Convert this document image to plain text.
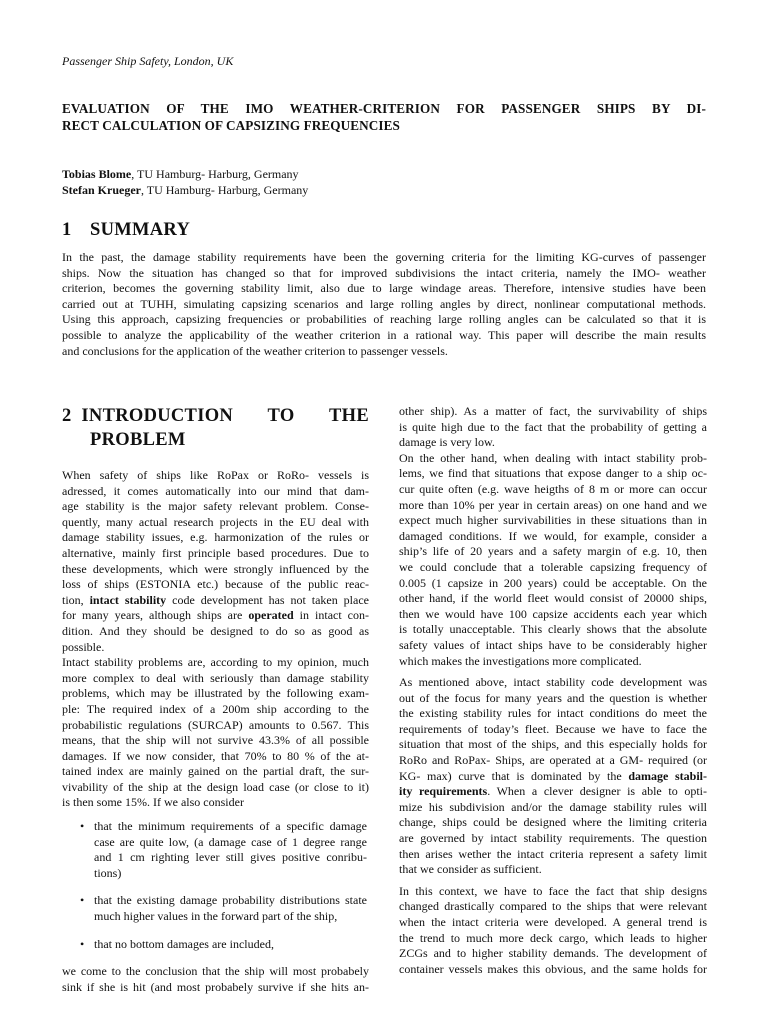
Passenger Ship Safety, London, UK
EVALUATION OF THE IMO WEATHER-CRITERION FOR PASSENGER SHIPS BY DI-
RECT CALCULATION OF CAPSIZING FREQUENCIES
Tobias Blome, TU Hamburg- Harburg, Germany
Stefan Krueger, TU Hamburg- Harburg, Germany
1 SUMMARY
In the past, the damage stability requirements have been the governing criteria for the limiting KG-curves of passenger
ships. Now the situation has changed so that for improved subdivisions the intact criteria, namely the IMO- weather
criterion, becomes the governing stability limit, also due to large windage areas. Therefore, intensive studies have been
carried out at TUHH, simulating capsizing scenarios and large rolling angles by direct, nonlinear computational methods.
Using this approach, capsizing frequencies or probabilities of reaching large rolling angles can be calculated so that it is
possible to analyze the applicability of the weather criterion in a rational way. This paper will describe the main results
and conclusions for the application of the weather criterion to passenger vessels.
2 INTRODUCTION TO THE
PROBLEM
When safety of ships like RoPax or RoRo- vessels is
adressed, it comes automatically into our mind that dam-
age stability is the major safety relevant problem. Conse-
quently, many actual research projects in the EU deal with
damage stability issues, e.g. harmonization of the rules or
alternative, mainly first principle based procedures. Due to
these developments, which were strongly influenced by the
loss of ships (ESTONIA etc.) because of the public reac-
tion, intact stability code development has not taken place
for many years, although ships are operated in intact con-
dition. And they should be designed to do so as good as
possible.
Intact stability problems are, according to my opinion, much
more complex to deal with seriously than damage stability
problems, which may be illustrated by the following exam-
ple: The required index of a 200m ship according to the
probabilistic regulations (SURCAP) amounts to 0.567. This
means, that the ship will not survive 43.3% of all possible
damages. If we now consider, that 70% to 80 % of the at-
tained index are mainly gained on the partial draft, the sur-
vivability of the ship at the design load case (or close to it)
is then some 15%. If we also consider
• that the minimum requirements of a specific damage
case are quite low, (a damage case of 1 degree range
and 1 cm righting lever still gives positive conribu-
tions)
• that the existing damage probability distributions state
much higher values in the forward part of the ship,
• that no bottom damages are included,
we come to the conclusion that the ship will most probabely
sink if she is hit (and most probabely survive if she hits an-
other ship). As a matter of fact, the survivability of ships
is quite high due to the fact that the probability of getting a
damage is very low.
On the other hand, when dealing with intact stability prob-
lems, we find that situations that expose danger to a ship oc-
cur quite often (e.g. wave heigths of 8 m or more can occur
more than 10% per year in certain areas) on one hand and we
expect much higher survivabilities in these situations than in
damaged conditions. If we would, for example, consider a
ship’s life of 20 years and a safety margin of e.g. 10, then
we could conclude that a tolerable capsizing frequency of
0.005 (1 capsize in 200 years) could be acceptable. On the
other hand, if the world fleet would consist of 20000 ships,
then we would have 100 capsize accidents each year which
is totally unacceptable. This clearly shows that the absolute
safety values of intact ships have to be considerably higher
which makes the investigations more complicated.
As mentioned above, intact stability code development was
out of the focus for many years and the question is whether
the existing stability rules for intact conditions do meet the
requirements of today’s fleet. Because we have to face the
situation that most of the ships, and this especially holds for
RoRo and RoPax- Ships, are operated at a GM- required (or
KG- max) curve that is dominated by the damage stabil-
ity requirements. When a clever designer is able to opti-
mize his subdivision and/or the damage stability rules will
change, ships could be designed where the limiting criteria
are governed by intact stability requirements. The question
then arises wether the intact criteria represent a safety limit
that we consider as sufficient.
In this context, we have to face the fact that ship designs
changed drastically compared to the ships that were relevant
when the intact criteria were developed. A general trend is
the trend to much more deck cargo, which leads to higher
ZCGs and to higher stability demands. The development of
container vessels makes this obvious, and the same holds for
